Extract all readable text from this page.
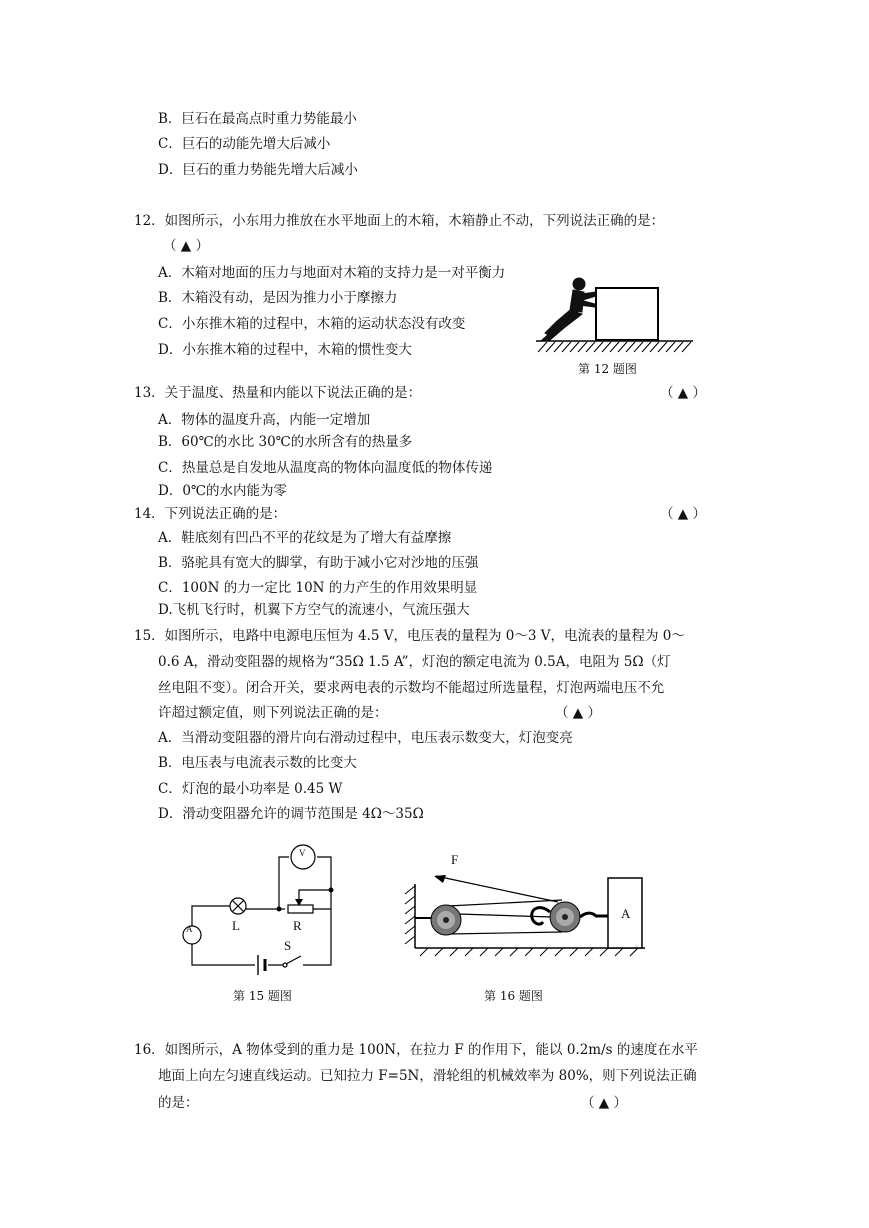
B．巨石在最高点时重力势能最小
C．巨石的动能先增大后减小
D．巨石的重力势能先增大后减小
12．如图所示，小东用力推放在水平地面上的木箱，木箱静止不动，下列说法正确的是：
（ ▲ ）
A．木箱对地面的压力与地面对木箱的支持力是一对平衡力
B．木箱没有动，是因为推力小于摩擦力
C．小东推木箱的过程中，木箱的运动状态没有改变
D．小东推木箱的过程中，木箱的惯性变大
第 12 题图
13．关于温度、热量和内能以下说法正确的是：	（ ▲ ）
A．物体的温度升高，内能一定增加
B．60℃的水比 30℃的水所含有的热量多
C．热量总是自发地从温度高的物体向温度低的物体传递
D．0℃的水内能为零
14．下列说法正确的是：	（ ▲ ）
A．鞋底刻有凹凸不平的花纹是为了增大有益摩擦
B．骆驼具有宽大的脚掌，有助于减小它对沙地的压强
C．100N 的力一定比 10N 的力产生的作用效果明显
D.飞机飞行时，机翼下方空气的流速小，气流压强大
15．如图所示，电路中电源电压恒为 4.5 V，电压表的量程为 0～3 V，电流表的量程为 0～
0.6 A，滑动变阻器的规格为“35Ω 1.5 A”，灯泡的额定电流为 0.5A，电阻为 5Ω（灯
丝电阻不变）。闭合开关，要求两电表的示数均不能超过所选量程，灯泡两端电压不允
许超过额定值，则下列说法正确的是：	（ ▲ ）
A．当滑动变阻器的滑片向右滑动过程中，电压表示数变大，灯泡变亮
B．电压表与电流表示数的比变大
C．灯泡的最小功率是 0.45 W
D．滑动变阻器允许的调节范围是 4Ω～35Ω
A
V
L	R
S
第 15 题图
F
A
第 16 题图
16．如图所示，A 物体受到的重力是 100N，在拉力 F 的作用下，能以 0.2m/s 的速度在水平
地面上向左匀速直线运动。已知拉力 F=5N，滑轮组的机械效率为 80%，则下列说法正确
的是：	（ ▲ ）
